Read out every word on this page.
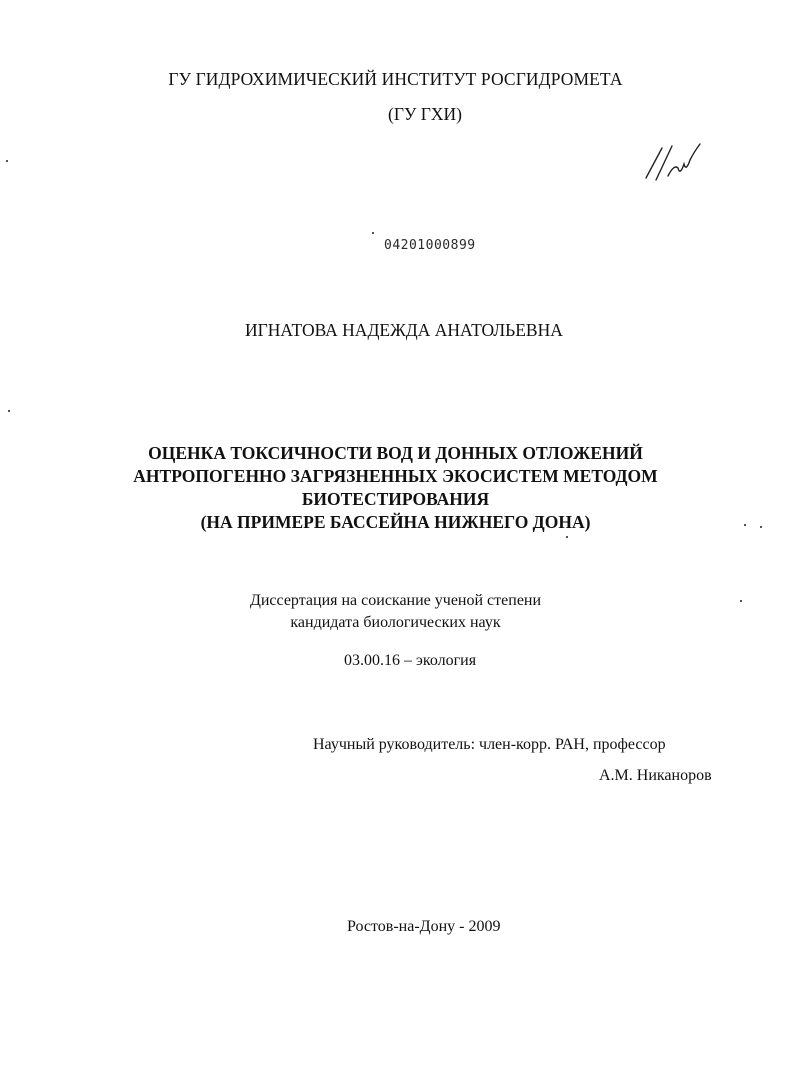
ГУ ГИДРОХИМИЧЕСКИЙ ИНСТИТУТ РОСГИДРОМЕТА
(ГУ ГХИ)
04201000899
ИГНАТОВА НАДЕЖДА АНАТОЛЬЕВНА
ОЦЕНКА ТОКСИЧНОСТИ ВОД И ДОННЫХ ОТЛОЖЕНИЙ
АНТРОПОГЕННО ЗАГРЯЗНЕННЫХ ЭКОСИСТЕМ МЕТОДОМ
БИОТЕСТИРОВАНИЯ
(НА ПРИМЕРЕ БАССЕЙНА НИЖНЕГО ДОНА)
Диссертация на соискание ученой степени
кандидата биологических наук
03.00.16 – экология
Научный руководитель: член-корр. РАН, профессор
А.М. Никаноров
Ростов-на-Дону - 2009
